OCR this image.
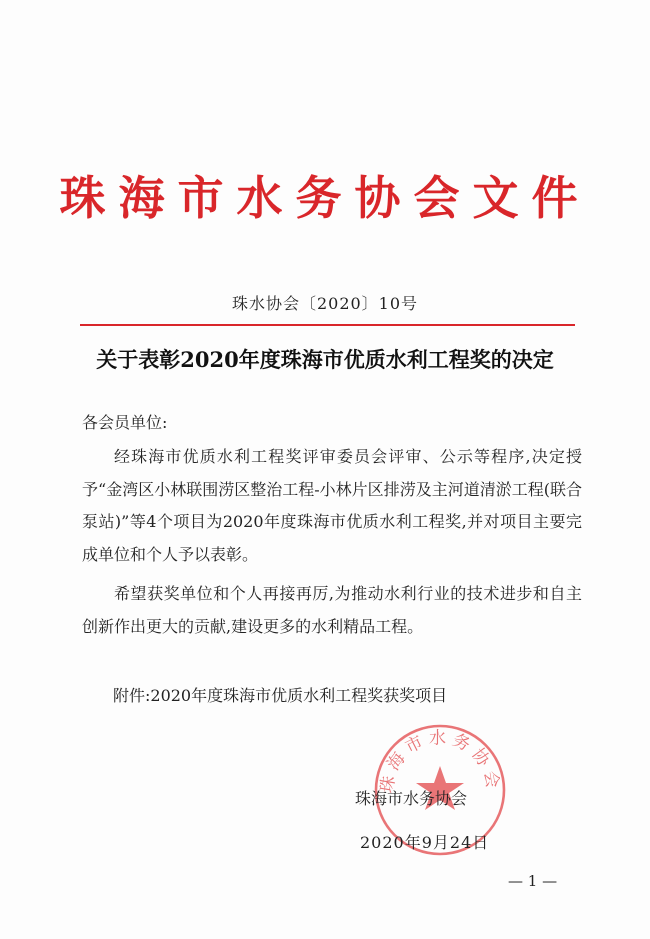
珠海市水务协会文件
珠水协会〔2020〕10号
关于表彰2020年度珠海市优质水利工程奖的决定
各会员单位:
经珠海市优质水利工程奖评审委员会评审、公示等程序,决定授予“金湾区小林联围涝区整治工程-小林片区排涝及主河道清淤工程(联合泵站)”等4个项目为2020年度珠海市优质水利工程奖,并对项目主要完成单位和个人予以表彰。
希望获奖单位和个人再接再厉,为推动水利行业的技术进步和自主创新作出更大的贡献,建设更多的水利精品工程。
附件:2020年度珠海市优质水利工程奖获奖项目
珠海市水务协会
珠海市水务协会
2020年9月24日
— 1 —
